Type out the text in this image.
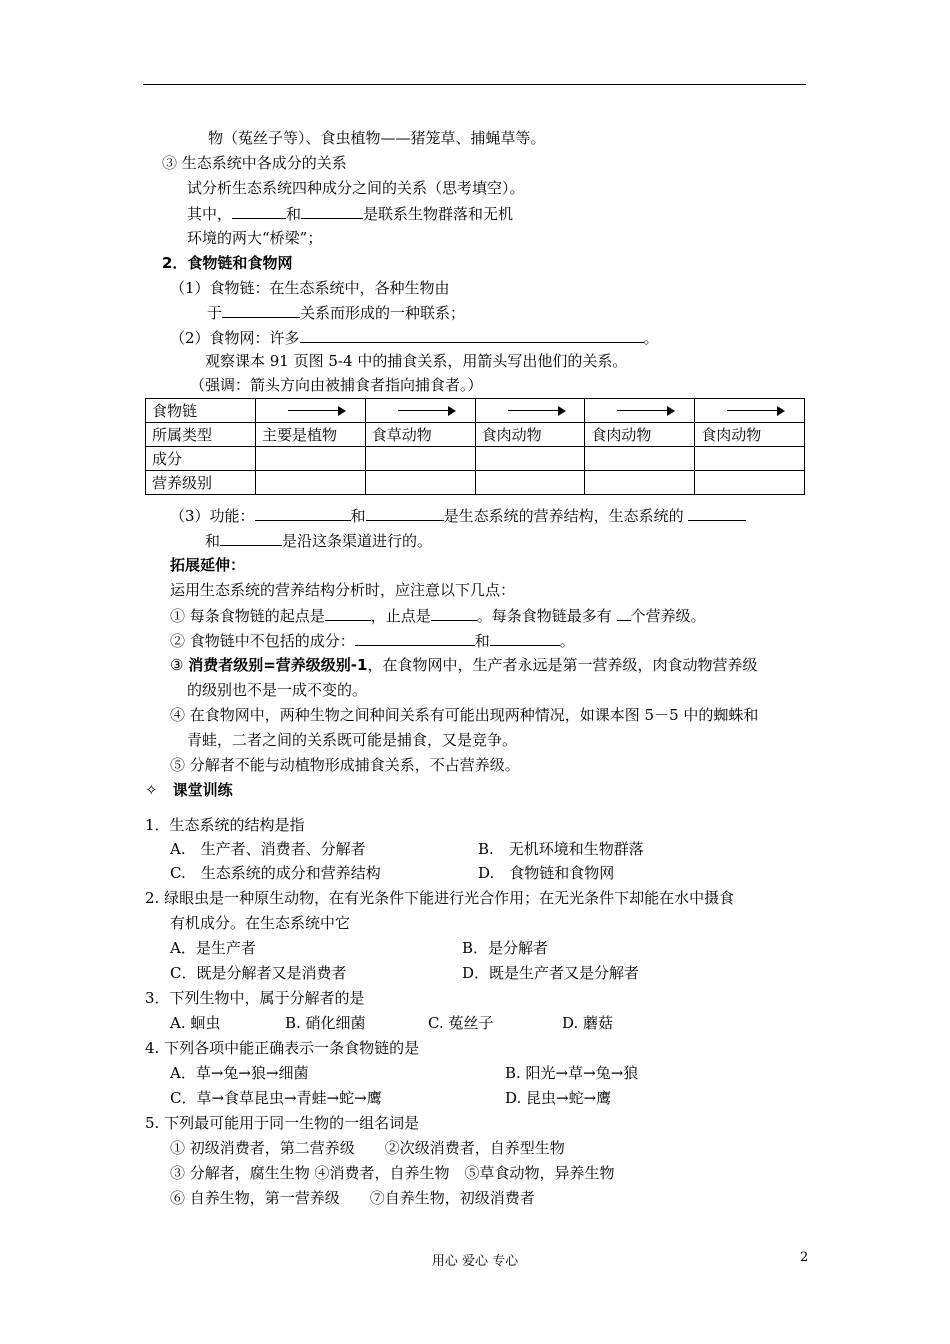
物（菟丝子等）、食虫植物——猪笼草、捕蝇草等。
③ 生态系统中各成分的关系
试分析生态系统四种成分之间的关系（思考填空）。
其中，	和	是联系生物群落和无机
环境的两大“桥梁”；
2．食物链和食物网
（1）食物链：在生态系统中，各种生物由
于	关系而形成的一种联系；
（2）食物网：许多	。
观察课本 91 页图 5-4 中的捕食关系，用箭头写出他们的关系。
（强调：箭头方向由被捕食者指向捕食者。）
食物链					
所属类型	主要是植物	食草动物	食肉动物	食肉动物	食肉动物
成分					
营养级别					
（3）功能：	和	是生态系统的营养结构，生态系统的
和	是沿这条渠道进行的。
拓展延伸：
运用生态系统的营养结构分析时，应注意以下几点：
① 每条食物链的起点是	，止点是	。每条食物链最多有 个营养级。
② 食物链中不包括的成分：	和	。
③ 消费者级别=营养级级别-1，在食物网中，生产者永远是第一营养级，肉食动物营养级
的级别也不是一成不变的。
④ 在食物网中，两种生物之间种间关系有可能出现两种情况，如课本图 5－5 中的蜘蛛和
青蛙，二者之间的关系既可能是捕食，又是竞争。
⑤ 分解者不能与动植物形成捕食关系，不占营养级。
✧　课堂训练
1．生态系统的结构是指
A.　生产者、消费者、分解者	B.　无机环境和生物群落
C.　生态系统的成分和营养结构	D.　食物链和食物网
2. 绿眼虫是一种原生动物，在有光条件下能进行光合作用；在无光条件下却能在水中摄食
有机成分。在生态系统中它
A．是生产者	B．是分解者
C．既是分解者又是消费者	D．既是生产者又是分解者
3．下列生物中，属于分解者的是
A. 蛔虫	B. 硝化细菌	C. 菟丝子	D. 蘑菇
4. 下列各项中能正确表示一条食物链的是
A．草→兔→狼→细菌	B. 阳光→草→兔→狼
C．草→食草昆虫→青蛙→蛇→鹰	D. 昆虫→蛇→鹰
5. 下列最可能用于同一生物的一组名词是
① 初级消费者，第二营养级　　②次级消费者，自养型生物
③ 分解者，腐生生物 ④消费者，自养生物　⑤草食动物，异养生物
⑥ 自养生物，第一营养级　　⑦自养生物，初级消费者
用心 爱心 专心	2
